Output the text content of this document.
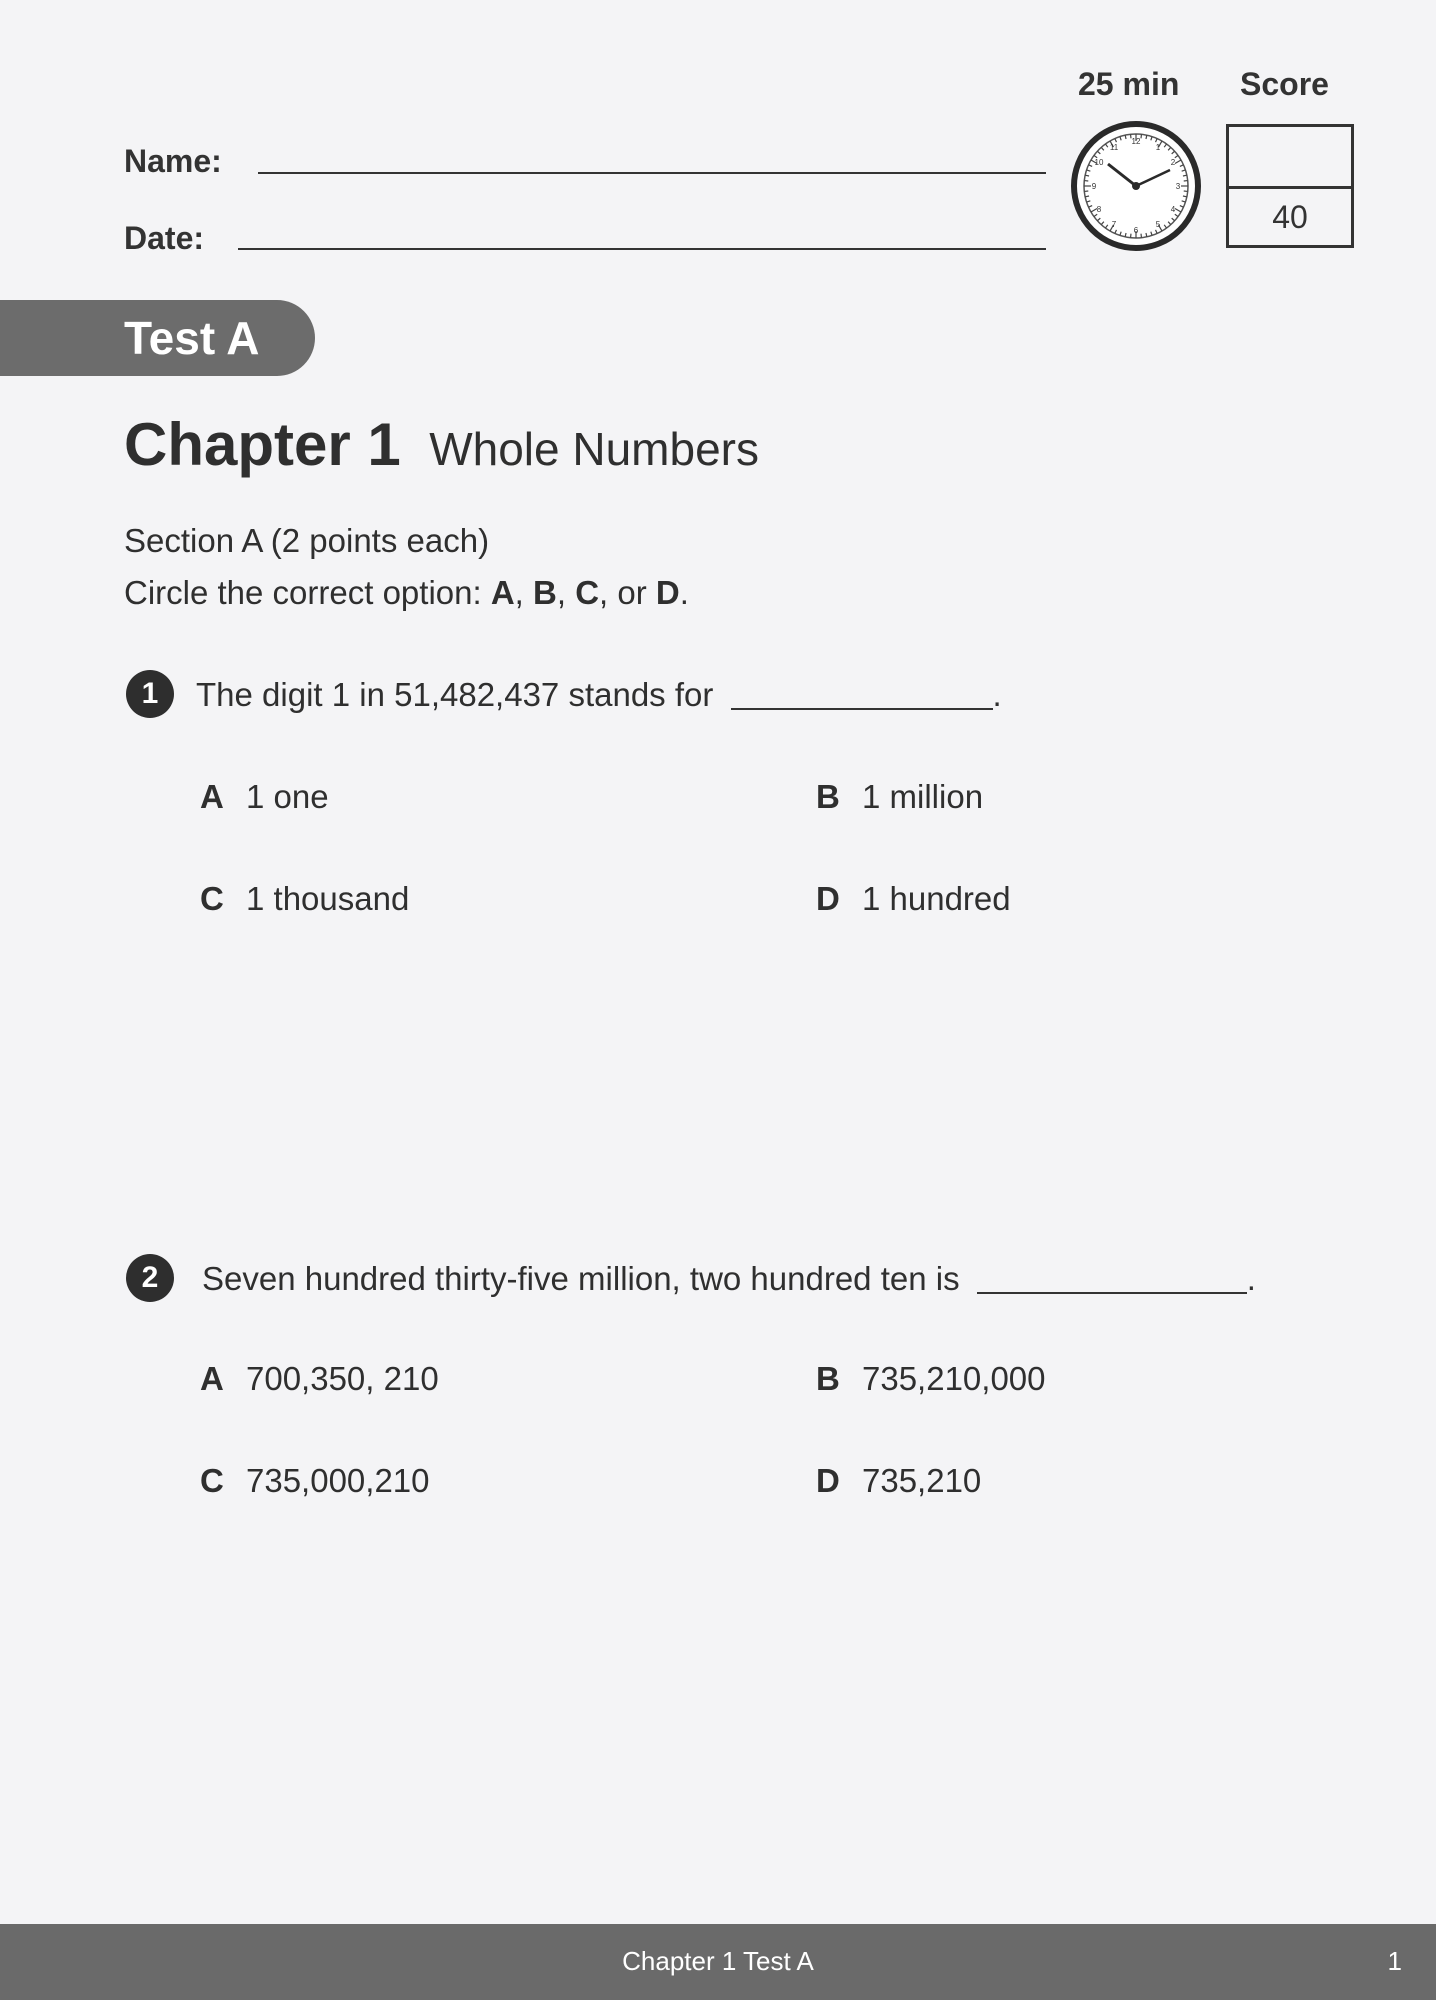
25 min Score
Name:
Date:
12
1
2
3
4
5
6
7
8
9
10
11
40
Test A
Chapter 1 Whole Numbers
Section A (2 points each)
Circle the correct option: A, B, C, or D.
1	The digit 1 in 51,482,437 stands for	.
A 1 one	B 1 million
C 1 thousand	D 1 hundred
2	Seven hundred thirty-five million, two hundred ten is	.
A 700,350, 210	B 735,210,000
C 735,000,210	D 735,210
Chapter 1 Test A	1
